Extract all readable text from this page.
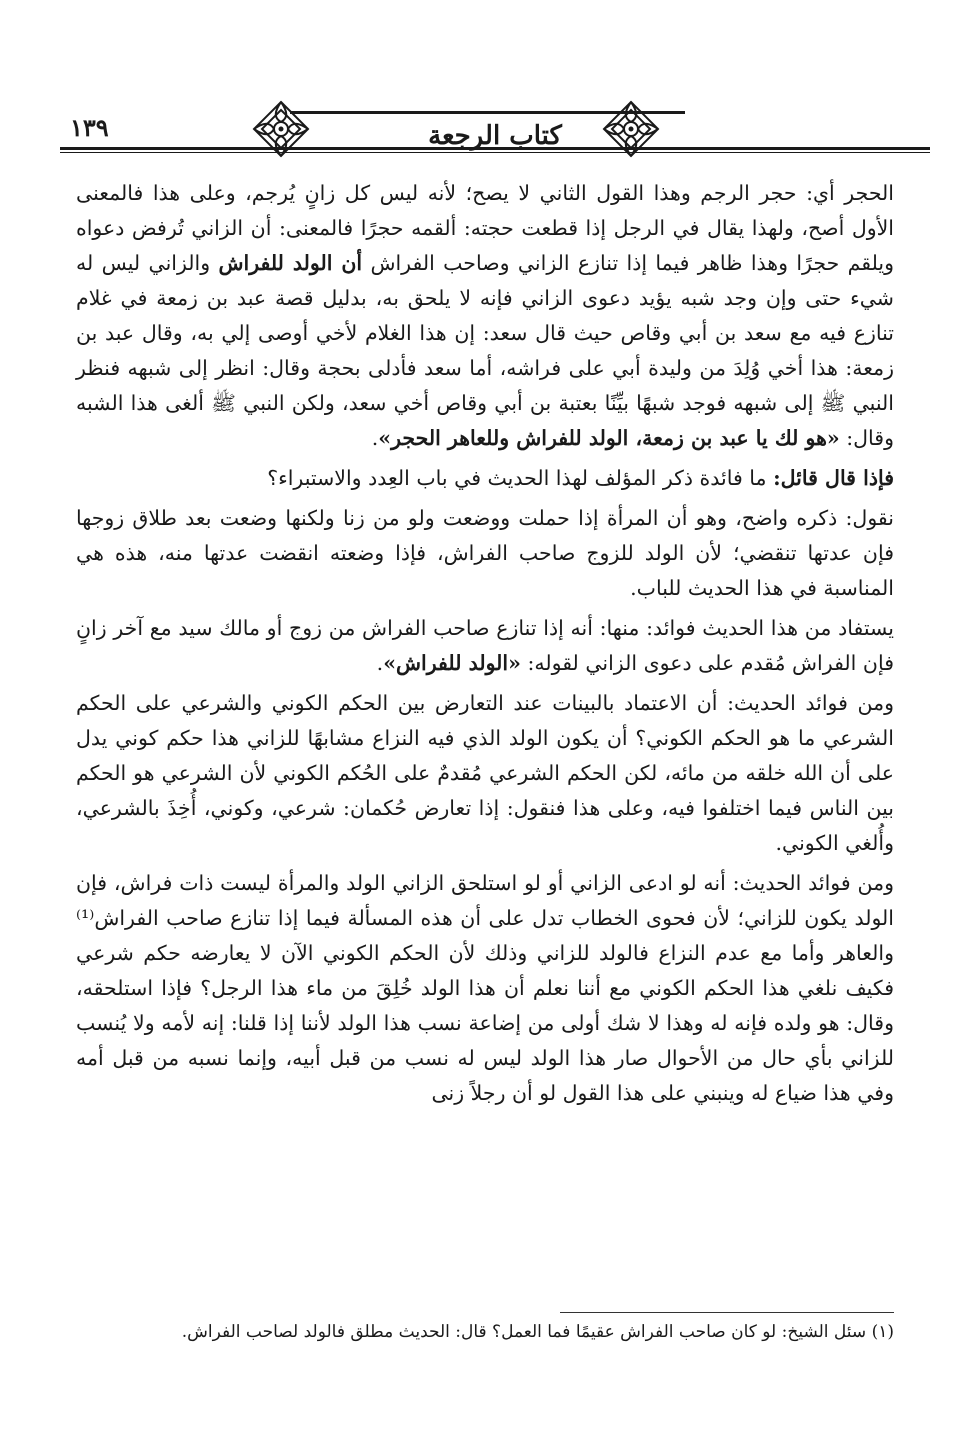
كتاب الرجعة
١٣٩

الحجر أي: حجر الرجم وهذا القول الثاني لا يصح؛ لأنه ليس كل زانٍ يُرجم، وعلى هذا فالمعنى الأول أصح، ولهذا يقال في الرجل إذا قطعت حجته: ألقمه حجرًا فالمعنى: أن الزاني تُرفض دعواه ويلقم حجرًا وهذا ظاهر فيما إذا تنازع الزاني وصاحب الفراش أن الولد للفراش والزاني ليس له شيء حتى وإن وجد شبه يؤيد دعوى الزاني فإنه لا يلحق به، بدليل قصة عبد بن زمعة في غلام تنازع فيه مع سعد بن أبي وقاص حيث قال سعد: إن هذا الغلام لأخي أوصى إلي به، وقال عبد بن زمعة: هذا أخي وُلِدَ من وليدة أبي على فراشه، أما سعد فأدلى بحجة وقال: انظر إلى شبهه فنظر النبي ﷺ إلى شبهه فوجد شبهًا بيِّنًا بعتبة بن أبي وقاص أخي سعد، ولكن النبي ﷺ ألغى هذا الشبه وقال: «هو لك يا عبد بن زمعة، الولد للفراش وللعاهر الحجر».

فإذا قال قائل: ما فائدة ذكر المؤلف لهذا الحديث في باب العِدد والاستبراء؟

نقول: ذكره واضح، وهو أن المرأة إذا حملت ووضعت ولو من زنا ولكنها وضعت بعد طلاق زوجها فإن عدتها تنقضي؛ لأن الولد للزوج صاحب الفراش، فإذا وضعته انقضت عدتها منه، هذه هي المناسبة في هذا الحديث للباب.

يستفاد من هذا الحديث فوائد: منها: أنه إذا تنازع صاحب الفراش من زوج أو مالك سيد مع آخر زانٍ فإن الفراش مُقدم على دعوى الزاني لقوله: «الولد للفراش».

ومن فوائد الحديث: أن الاعتماد بالبينات عند التعارض بين الحكم الكوني والشرعي على الحكم الشرعي ما هو الحكم الكوني؟ أن يكون الولد الذي فيه النزاع مشابهًا للزاني هذا حكم كوني يدل على أن الله خلقه من مائه، لكن الحكم الشرعي مُقدمٌ على الحُكم الكوني لأن الشرعي هو الحكم بين الناس فيما اختلفوا فيه، وعلى هذا فنقول: إذا تعارض حُكمان: شرعي، وكوني، أُخِذَ بالشرعي، وأُلغي الكوني.

ومن فوائد الحديث: أنه لو ادعى الزاني أو لو استلحق الزاني الولد والمرأة ليست ذات فراش، فإن الولد يكون للزاني؛ لأن فحوى الخطاب تدل على أن هذه المسألة فيما إذا تنازع صاحب الفراش⁽¹⁾ والعاهر وأما مع عدم النزاع فالولد للزاني وذلك لأن الحكم الكوني الآن لا يعارضه حكم شرعي فكيف نلغي هذا الحكم الكوني مع أننا نعلم أن هذا الولد خُلِقَ من ماء هذا الرجل؟ فإذا استلحقه، وقال: هو ولده فإنه له وهذا لا شك أولى من إضاعة نسب هذا الولد لأننا إذا قلنا: إنه لأمه ولا يُنسب للزاني بأي حال من الأحوال صار هذا الولد ليس له نسب من قبل أبيه، وإنما نسبه من قبل أمه وفي هذا ضياع له وينبني على هذا القول لو أن رجلاً زنى

(١) سئل الشيخ: لو كان صاحب الفراش عقيمًا فما العمل؟ قال: الحديث مطلق فالولد لصاحب الفراش.
